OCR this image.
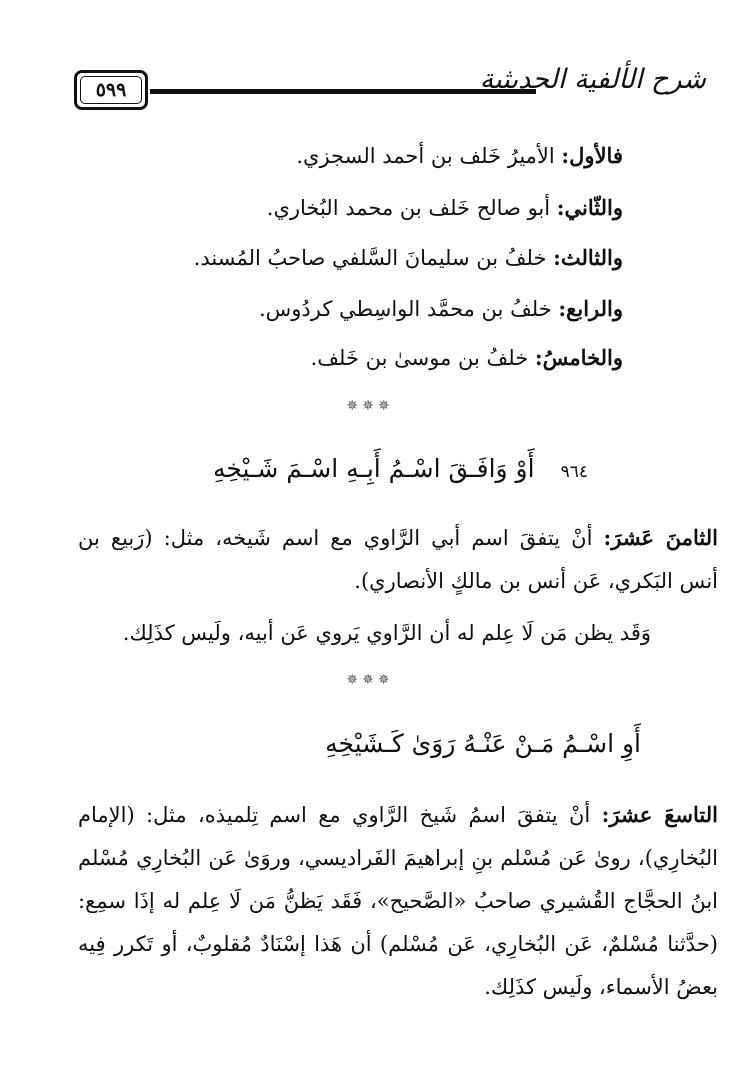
٥٩٩	شرح الألفية الحديثية
فالأول: الأميرُ خَلف بن أحمد السجزي.
والثّاني: أبو صالح خَلف بن محمد البُخاري.
والثالث: خلفُ بن سليمانَ السَّلفي صاحبُ المُسند.
والرابع: خلفُ بن محمَّد الواسِطي كردُوس.
والخامسُ: خلفُ بن موسىٰ بن خَلف.
✵✵✵
٩٦٤أَوْ وَافَـقَ اسْـمُ أَبِـهِ اسْـمَ شَـيْخِهِ
الثامنَ عَشرَ: أنْ يتفقَ اسم أبي الرَّاوي مع اسم شَيخه، مثل: (رَبيع بن
أنس البَكري، عَن أنس بن مالكٍ الأنصاري).
وَقَد يظن مَن لَا عِلم له أن الرَّاوي يَروي عَن أبيه، ولَيس كذَلِك.
✵✵✵
أَوِ اسْـمُ مَـنْ عَنْـهُ رَوَىٰ كَـشَيْخِهِ
التاسعَ عشرَ: أنْ يتفقَ اسمُ شَيخ الرَّاوي مع اسم تِلميذه، مثل: (الإمام
البُخارِي)، روىٰ عَن مُسْلم بنِ إبراهيمَ الفَراديسي، وروَىٰ عَن البُخارِي مُسْلم
ابنُ الحجَّاج القُشيري صاحبُ «الصَّحيح»، فَقَد يَظنُّ مَن لَا عِلم له إذَا سمِع:
(حدَّثنا مُسْلمٌ، عَن البُخارِي، عَن مُسْلم) أن هَذا إسْنَادٌ مُقلوبٌ، أو تَكرر فِيه
بعضُ الأسماء، ولَيس كذَلِك.
